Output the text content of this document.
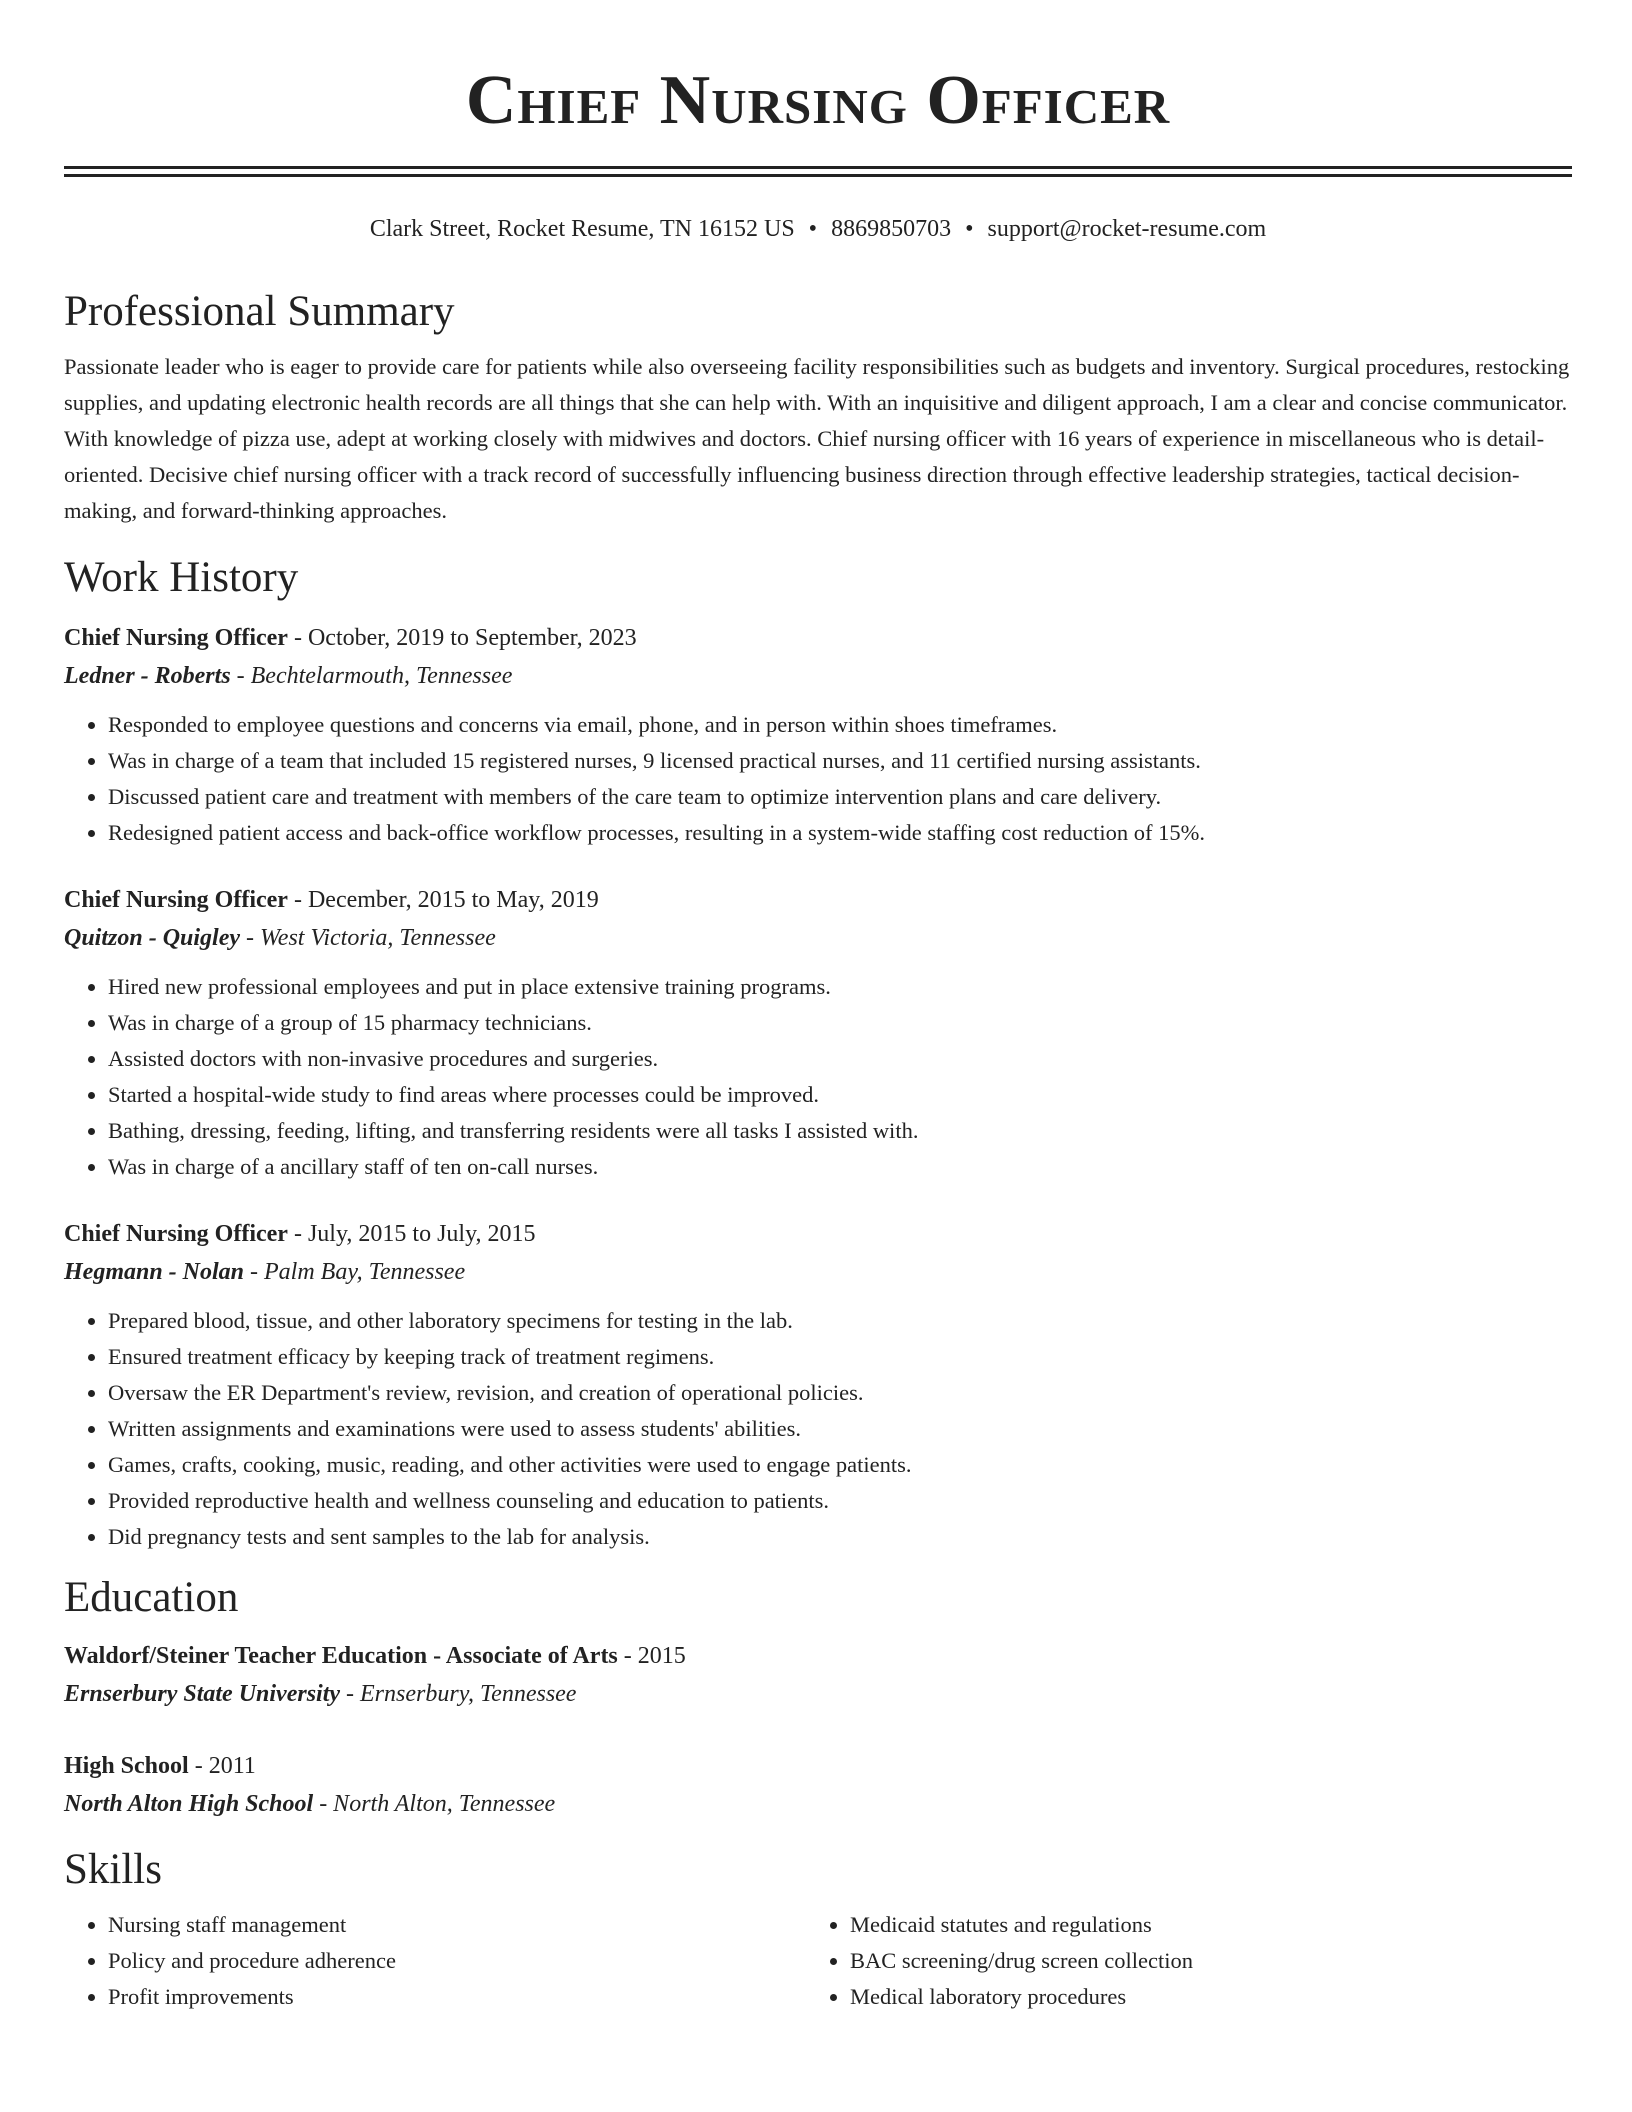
Chief Nursing Officer
Clark Street, Rocket Resume, TN 16152 US • 8869850703 • support@rocket-resume.com
Professional Summary
Passionate leader who is eager to provide care for patients while also overseeing facility responsibilities such as budgets and inventory. Surgical procedures, restocking supplies, and updating electronic health records are all things that she can help with. With an inquisitive and diligent approach, I am a clear and concise communicator. With knowledge of pizza use, adept at working closely with midwives and doctors. Chief nursing officer with 16 years of experience in miscellaneous who is detail-oriented. Decisive chief nursing officer with a track record of successfully influencing business direction through effective leadership strategies, tactical decision-making, and forward-thinking approaches.
Work History
Chief Nursing Officer - October, 2019 to September, 2023
Ledner - Roberts - Bechtelarmouth, Tennessee
• Responded to employee questions and concerns via email, phone, and in person within shoes timeframes.
• Was in charge of a team that included 15 registered nurses, 9 licensed practical nurses, and 11 certified nursing assistants.
• Discussed patient care and treatment with members of the care team to optimize intervention plans and care delivery.
• Redesigned patient access and back-office workflow processes, resulting in a system-wide staffing cost reduction of 15%.
Chief Nursing Officer - December, 2015 to May, 2019
Quitzon - Quigley - West Victoria, Tennessee
• Hired new professional employees and put in place extensive training programs.
• Was in charge of a group of 15 pharmacy technicians.
• Assisted doctors with non-invasive procedures and surgeries.
• Started a hospital-wide study to find areas where processes could be improved.
• Bathing, dressing, feeding, lifting, and transferring residents were all tasks I assisted with.
• Was in charge of a ancillary staff of ten on-call nurses.
Chief Nursing Officer - July, 2015 to July, 2015
Hegmann - Nolan - Palm Bay, Tennessee
• Prepared blood, tissue, and other laboratory specimens for testing in the lab.
• Ensured treatment efficacy by keeping track of treatment regimens.
• Oversaw the ER Department's review, revision, and creation of operational policies.
• Written assignments and examinations were used to assess students' abilities.
• Games, crafts, cooking, music, reading, and other activities were used to engage patients.
• Provided reproductive health and wellness counseling and education to patients.
• Did pregnancy tests and sent samples to the lab for analysis.
Education
Waldorf/Steiner Teacher Education - Associate of Arts - 2015
Ernserbury State University - Ernserbury, Tennessee
High School - 2011
North Alton High School - North Alton, Tennessee
Skills
• Nursing staff management
• Policy and procedure adherence
• Profit improvements
• Medicaid statutes and regulations
• BAC screening/drug screen collection
• Medical laboratory procedures
